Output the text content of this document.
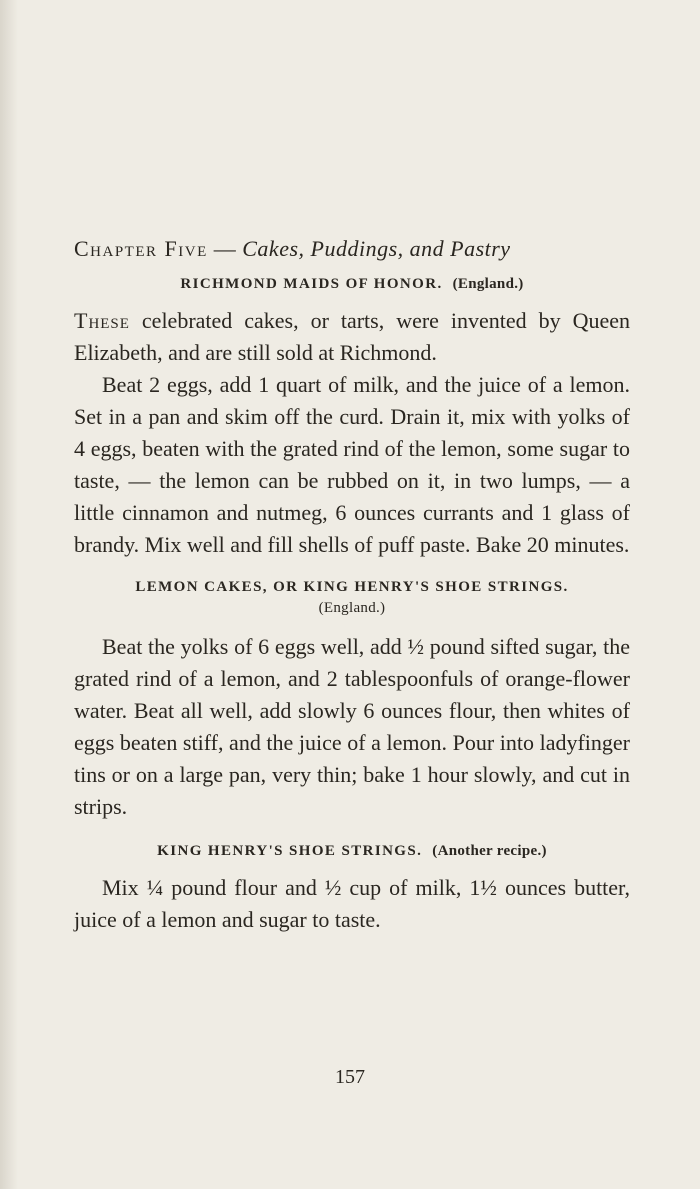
Chapter Five — Cakes, Puddings, and Pastry
RICHMOND MAIDS OF HONOR. (England.)

These celebrated cakes, or tarts, were invented by Queen Elizabeth, and are still sold at Richmond.

Beat 2 eggs, add 1 quart of milk, and the juice of a lemon. Set in a pan and skim off the curd. Drain it, mix with yolks of 4 eggs, beaten with the grated rind of the lemon, some sugar to taste, — the lemon can be rubbed on it, in two lumps, — a little cinnamon and nutmeg, 6 ounces currants and 1 glass of brandy. Mix well and fill shells of puff paste. Bake 20 minutes.

LEMON CAKES, OR KING HENRY'S SHOE STRINGS.
(England.)

Beat the yolks of 6 eggs well, add ½ pound sifted sugar, the grated rind of a lemon, and 2 tablespoonfuls of orange-flower water. Beat all well, add slowly 6 ounces flour, then whites of eggs beaten stiff, and the juice of a lemon. Pour into ladyfinger tins or on a large pan, very thin; bake 1 hour slowly, and cut in strips.

KING HENRY'S SHOE STRINGS. (Another recipe.)

Mix ¼ pound flour and ½ cup of milk, 1½ ounces butter, juice of a lemon and sugar to taste.

157
